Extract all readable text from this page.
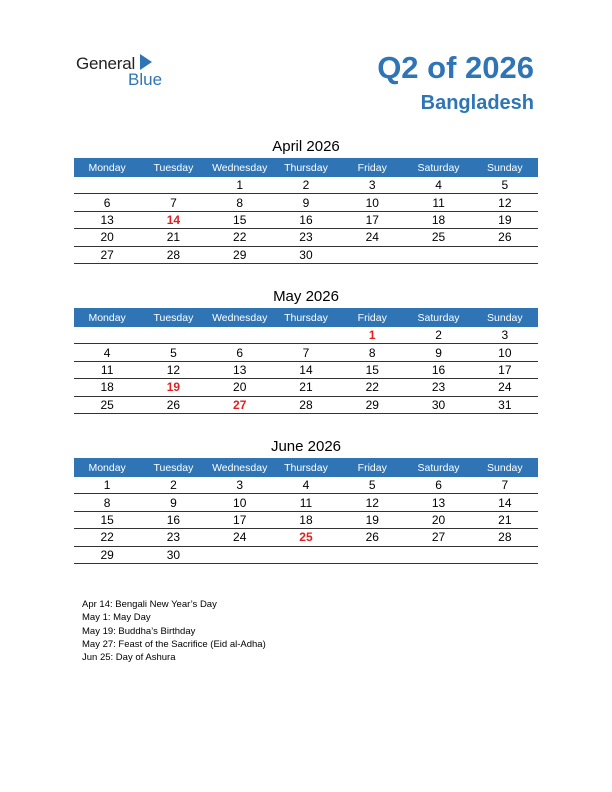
General
Blue	Q2 of 2026
Bangladesh
April 2026
Monday	Tuesday	Wednesday	Thursday	Friday	Saturday	Sunday
		1	2	3	4	5
6	7	8	9	10	11	12
13	14	15	16	17	18	19
20	21	22	23	24	25	26
27	28	29	30			
May 2026
Monday	Tuesday	Wednesday	Thursday	Friday	Saturday	Sunday
				1	2	3
4	5	6	7	8	9	10
11	12	13	14	15	16	17
18	19	20	21	22	23	24
25	26	27	28	29	30	31
June 2026
Monday	Tuesday	Wednesday	Thursday	Friday	Saturday	Sunday
1	2	3	4	5	6	7
8	9	10	11	12	13	14
15	16	17	18	19	20	21
22	23	24	25	26	27	28
29	30					
Apr 14: Bengali New Year’s Day
May 1: May Day
May 19: Buddha’s Birthday
May 27: Feast of the Sacrifice (Eid al-Adha)
Jun 25: Day of Ashura
